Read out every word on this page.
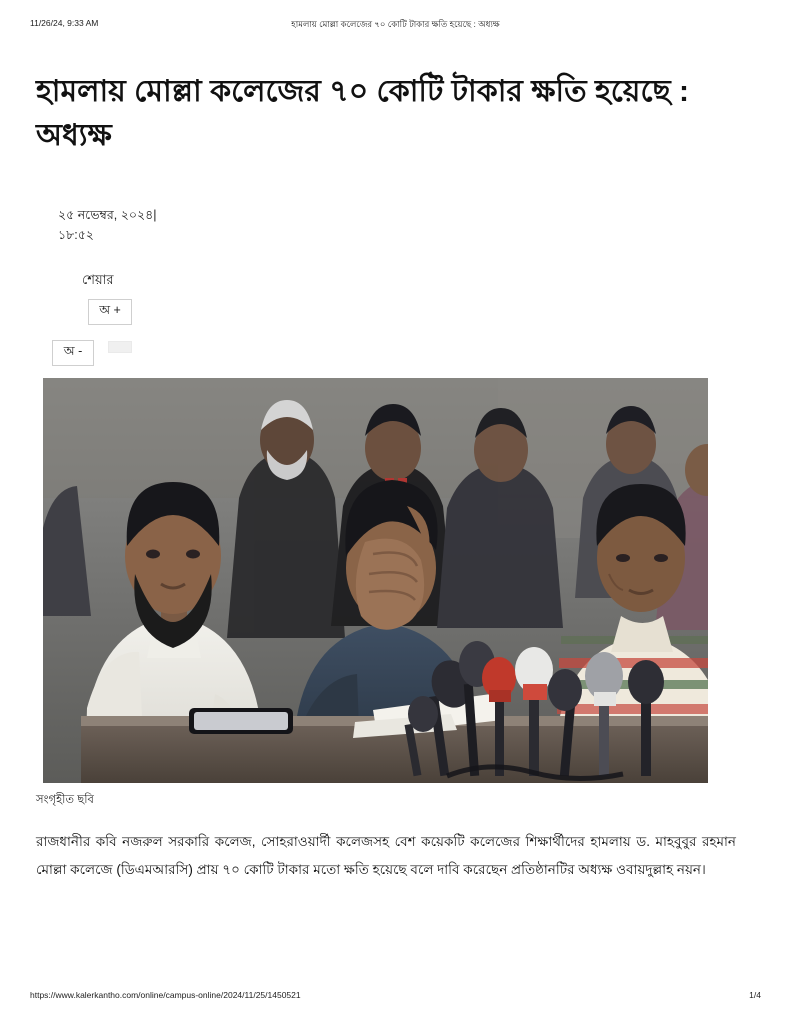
11/26/24, 9:33 AM	হামলায় মোল্লা কলেজের ৭০ কোটি টাকার ক্ষতি হয়েছে : অধ্যক্ষ
হামলায় মোল্লা কলেজের ৭০ কোটি টাকার ক্ষতি হয়েছে : অধ্যক্ষ
২৫ নভেম্বর, ২০২৪|১৮:৫২
শেয়ার
অ +
অ -
সংগৃহীত ছবি
রাজধানীর কবি নজরুল সরকারি কলেজ, সোহরাওয়ার্দী কলেজসহ বেশ কয়েকটি কলেজের শিক্ষার্থীদের হামলায় ড. মাহবুবুর রহমান মোল্লা কলেজে (ডিএমআরসি) প্রায় ৭০ কোটি টাকার মতো ক্ষতি হয়েছে বলে দাবি করেছেন প্রতিষ্ঠানটির অধ্যক্ষ ওবায়দুল্লাহ নয়ন।
https://www.kalerkantho.com/online/campus-online/2024/11/25/1450521	1/4
